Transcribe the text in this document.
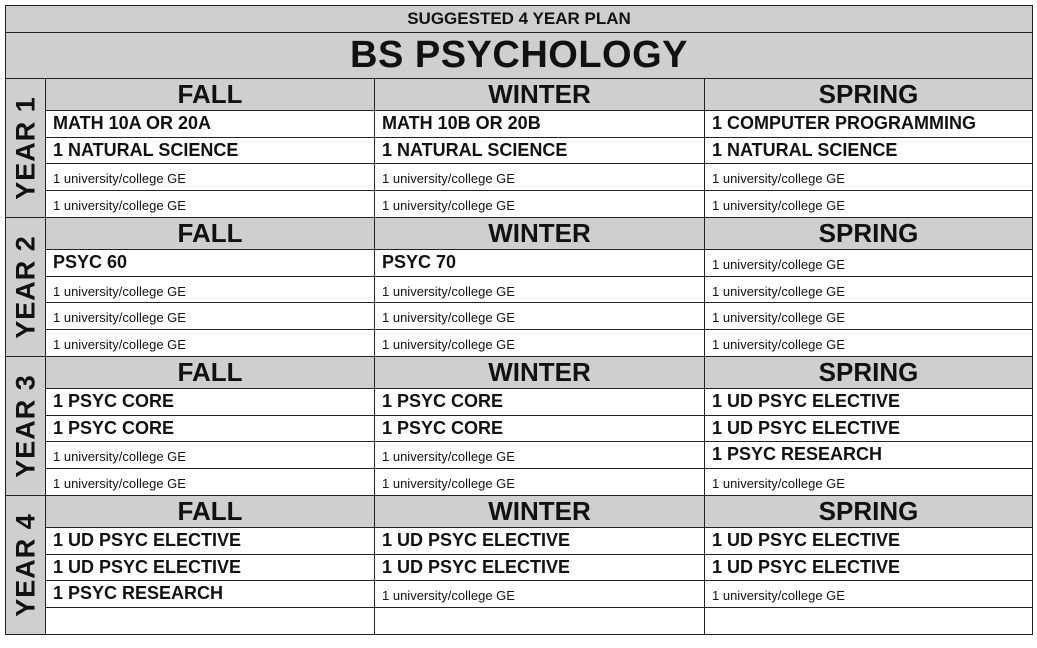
SUGGESTED 4 YEAR PLAN
BS PSYCHOLOGY
YEAR 1
FALL	WINTER	SPRING
MATH 10A OR 20A	MATH 10B OR 20B	1 COMPUTER PROGRAMMING
1 NATURAL SCIENCE	1 NATURAL SCIENCE	1 NATURAL SCIENCE
1 university/college GE	1 university/college GE	1 university/college GE
1 university/college GE	1 university/college GE	1 university/college GE
YEAR 2
FALL	WINTER	SPRING
PSYC 60	PSYC 70	1 university/college GE
1 university/college GE	1 university/college GE	1 university/college GE
1 university/college GE	1 university/college GE	1 university/college GE
1 university/college GE	1 university/college GE	1 university/college GE
YEAR 3
FALL	WINTER	SPRING
1 PSYC CORE	1 PSYC CORE	1 UD PSYC ELECTIVE
1 PSYC CORE	1 PSYC CORE	1 UD PSYC ELECTIVE
1 university/college GE	1 university/college GE	1 PSYC RESEARCH
1 university/college GE	1 university/college GE	1 university/college GE
YEAR 4
FALL	WINTER	SPRING
1 UD PSYC ELECTIVE	1 UD PSYC ELECTIVE	1 UD PSYC ELECTIVE
1 UD PSYC ELECTIVE	1 UD PSYC ELECTIVE	1 UD PSYC ELECTIVE
1 PSYC RESEARCH	1 university/college GE	1 university/college GE
